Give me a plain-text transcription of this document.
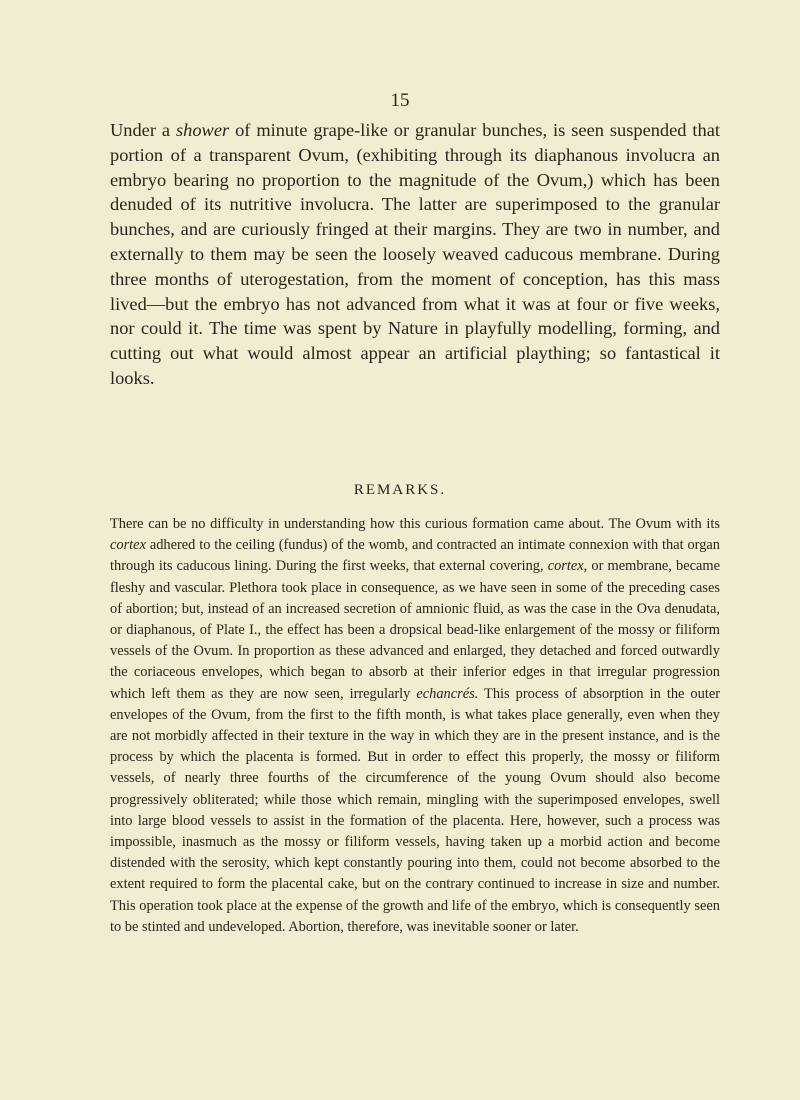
15

Under a shower of minute grape-like or granular bunches, is seen suspended that portion of a transparent Ovum, (exhibiting through its diaphanous involucra an embryo bearing no proportion to the magnitude of the Ovum,) which has been denuded of its nutritive involucra. The latter are superimposed to the granular bunches, and are curiously fringed at their margins. They are two in number, and externally to them may be seen the loosely weaved caducous membrane. During three months of uterogestation, from the moment of conception, has this mass lived—but the embryo has not advanced from what it was at four or five weeks, nor could it. The time was spent by Nature in playfully modelling, forming, and cutting out what would almost appear an artificial plaything; so fantastical it looks.

REMARKS.

There can be no difficulty in understanding how this curious formation came about. The Ovum with its cortex adhered to the ceiling (fundus) of the womb, and contracted an intimate connexion with that organ through its caducous lining. During the first weeks, that external covering, cortex, or membrane, became fleshy and vascular. Plethora took place in consequence, as we have seen in some of the preceding cases of abortion; but, instead of an increased secretion of amnionic fluid, as was the case in the Ova denudata, or diaphanous, of Plate I., the effect has been a dropsical bead-like enlargement of the mossy or filiform vessels of the Ovum. In proportion as these advanced and enlarged, they detached and forced outwardly the coriaceous envelopes, which began to absorb at their inferior edges in that irregular progression which left them as they are now seen, irregularly echancrés. This process of absorption in the outer envelopes of the Ovum, from the first to the fifth month, is what takes place generally, even when they are not morbidly affected in their texture in the way in which they are in the present instance, and is the process by which the placenta is formed. But in order to effect this properly, the mossy or filiform vessels, of nearly three fourths of the circumference of the young Ovum should also become progressively obliterated; while those which remain, mingling with the superimposed envelopes, swell into large blood vessels to assist in the formation of the placenta. Here, however, such a process was impossible, inasmuch as the mossy or filiform vessels, having taken up a morbid action and become distended with the serosity, which kept constantly pouring into them, could not become absorbed to the extent required to form the placental cake, but on the contrary continued to increase in size and number. This operation took place at the expense of the growth and life of the embryo, which is consequently seen to be stinted and undeveloped. Abortion, therefore, was inevitable sooner or later.
